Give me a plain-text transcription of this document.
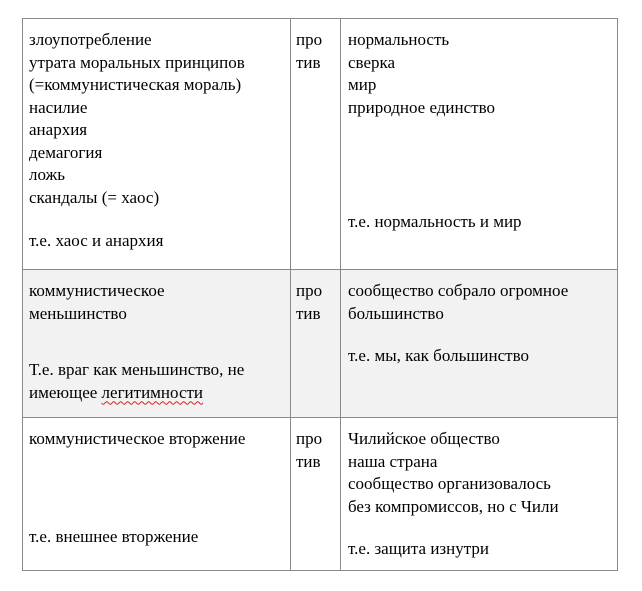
злоупотребление
утрата моральных принципов
(=коммунистическая мораль)
насилие
анархия
демагогия
ложь
скандалы (= хаос)
т.е. хаос и анархия
про
тив
нормальность
сверка
мир
природное единство
т.е. нормальность и мир
коммунистическое
меньшинство
Т.е. враг как меньшинство, не
имеющее легитимности
про
тив
сообщество собрало огромное
большинство
т.е. мы, как большинство
коммунистическое вторжение
т.е. внешнее вторжение
про
тив
Чилийское общество
наша страна
сообщество организовалось
без компромиссов, но с Чили
т.е. защита изнутри
